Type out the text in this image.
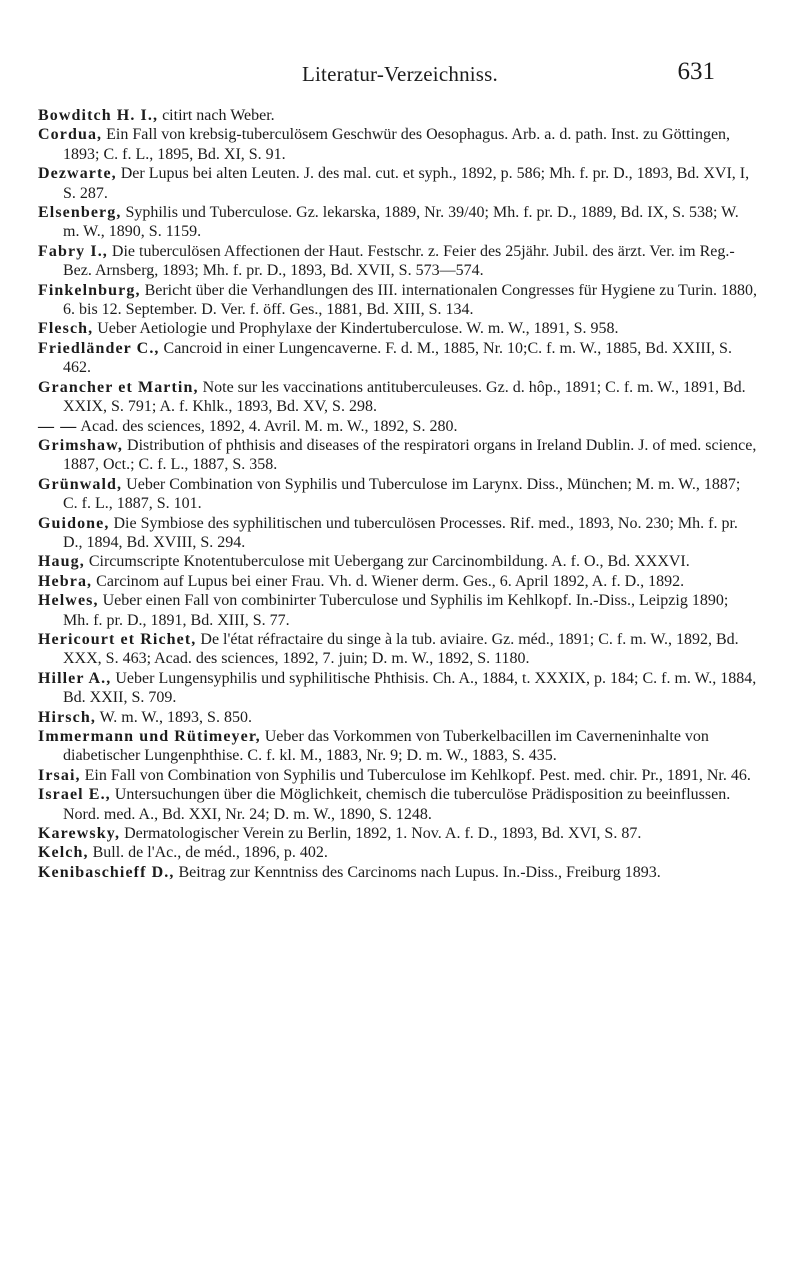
Literatur-Verzeichniss.	631

Bowditch H. I., citirt nach Weber.

Cordua, Ein Fall von krebsig-tuberculösem Geschwür des Oesophagus. Arb. a. d. path. Inst. zu Göttingen, 1893; C. f. L., 1895, Bd. XI, S. 91.

Dezwarte, Der Lupus bei alten Leuten. J. des mal. cut. et syph., 1892, p. 586; Mh. f. pr. D., 1893, Bd. XVI, I, S. 287.

Elsenberg, Syphilis und Tuberculose. Gz. lekarska, 1889, Nr. 39/40; Mh. f. pr. D., 1889, Bd. IX, S. 538; W. m. W., 1890, S. 1159.

Fabry I., Die tuberculösen Affectionen der Haut. Festschr. z. Feier des 25jähr. Jubil. des ärzt. Ver. im Reg.-Bez. Arnsberg, 1893; Mh. f. pr. D., 1893, Bd. XVII, S. 573—574.

Finkelnburg, Bericht über die Verhandlungen des III. internationalen Congresses für Hygiene zu Turin. 1880, 6. bis 12. September. D. Ver. f. öff. Ges., 1881, Bd. XIII, S. 134.

Flesch, Ueber Aetiologie und Prophylaxe der Kindertuberculose. W. m. W., 1891, S. 958.

Friedländer C., Cancroid in einer Lungencaverne. F. d. M., 1885, Nr. 10;C. f. m. W., 1885, Bd. XXIII, S. 462.

Grancher et Martin, Note sur les vaccinations antituberculeuses. Gz. d. hôp., 1891; C. f. m. W., 1891, Bd. XXIX, S. 791; A. f. Khlk., 1893, Bd. XV, S. 298.

— — Acad. des sciences, 1892, 4. Avril. M. m. W., 1892, S. 280.

Grimshaw, Distribution of phthisis and diseases of the respiratori organs in Ireland Dublin. J. of med. science, 1887, Oct.; C. f. L., 1887, S. 358.

Grünwald, Ueber Combination von Syphilis und Tuberculose im Larynx. Diss., München; M. m. W., 1887; C. f. L., 1887, S. 101.

Guidone, Die Symbiose des syphilitischen und tuberculösen Processes. Rif. med., 1893, No. 230; Mh. f. pr. D., 1894, Bd. XVIII, S. 294.

Haug, Circumscripte Knotentuberculose mit Uebergang zur Carcinombildung. A. f. O., Bd. XXXVI.

Hebra, Carcinom auf Lupus bei einer Frau. Vh. d. Wiener derm. Ges., 6. April 1892, A. f. D., 1892.

Helwes, Ueber einen Fall von combinirter Tuberculose und Syphilis im Kehlkopf. In.-Diss., Leipzig 1890; Mh. f. pr. D., 1891, Bd. XIII, S. 77.

Hericourt et Richet, De l'état réfractaire du singe à la tub. aviaire. Gz. méd., 1891; C. f. m. W., 1892, Bd. XXX, S. 463; Acad. des sciences, 1892, 7. juin; D. m. W., 1892, S. 1180.

Hiller A., Ueber Lungensyphilis und syphilitische Phthisis. Ch. A., 1884, t. XXXIX, p. 184; C. f. m. W., 1884, Bd. XXII, S. 709.

Hirsch, W. m. W., 1893, S. 850.

Immermann und Rütimeyer, Ueber das Vorkommen von Tuberkelbacillen im Caverneninhalte von diabetischer Lungenphthise. C. f. kl. M., 1883, Nr. 9; D. m. W., 1883, S. 435.

Irsai, Ein Fall von Combination von Syphilis und Tuberculose im Kehlkopf. Pest. med. chir. Pr., 1891, Nr. 46.

Israel E., Untersuchungen über die Möglichkeit, chemisch die tuberculöse Prädisposition zu beeinflussen. Nord. med. A., Bd. XXI, Nr. 24; D. m. W., 1890, S. 1248.

Karewsky, Dermatologischer Verein zu Berlin, 1892, 1. Nov. A. f. D., 1893, Bd. XVI, S. 87.

Kelch, Bull. de l'Ac., de méd., 1896, p. 402.

Kenibaschieff D., Beitrag zur Kenntniss des Carcinoms nach Lupus. In.-Diss., Freiburg 1893.
